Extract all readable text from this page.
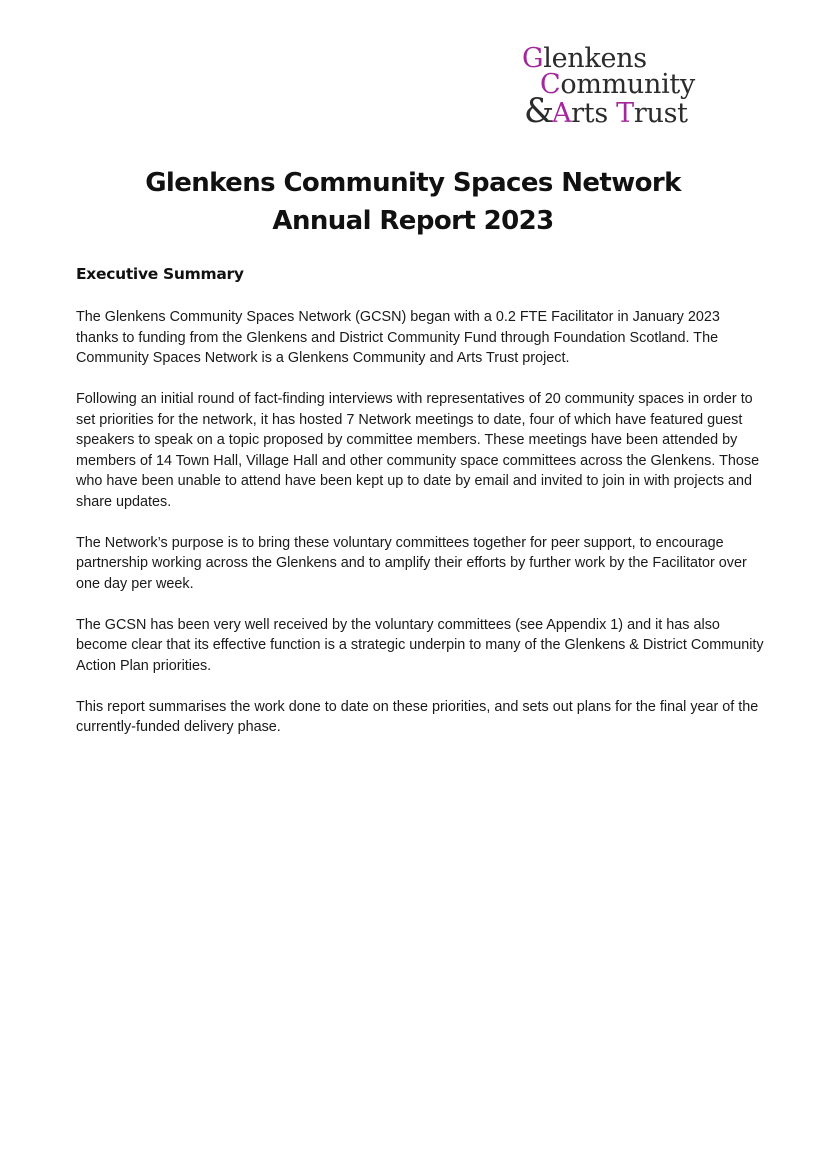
Glenkens
Community
&Arts Trust
Glenkens Community Spaces Network
Annual Report 2023
Executive Summary

The Glenkens Community Spaces Network (GCSN) began with a 0.2 FTE Facilitator in January 2023 thanks to funding from the Glenkens and District Community Fund through Foundation Scotland. The Community Spaces Network is a Glenkens Community and Arts Trust project.

Following an initial round of fact-finding interviews with representatives of 20 community spaces in order to set priorities for the network, it has hosted 7 Network meetings to date, four of which have featured guest speakers to speak on a topic proposed by committee members. These meetings have been attended by members of 14 Town Hall, Village Hall and other community space committees across the Glenkens. Those who have been unable to attend have been kept up to date by email and invited to join in with projects and share updates.

The Network’s purpose is to bring these voluntary committees together for peer support, to encourage partnership working across the Glenkens and to amplify their efforts by further work by the Facilitator over one day per week.

The GCSN has been very well received by the voluntary committees (see Appendix 1) and it has also become clear that its effective function is a strategic underpin to many of the Glenkens & District Community Action Plan priorities.

This report summarises the work done to date on these priorities, and sets out plans for the final year of the currently-funded delivery phase.
